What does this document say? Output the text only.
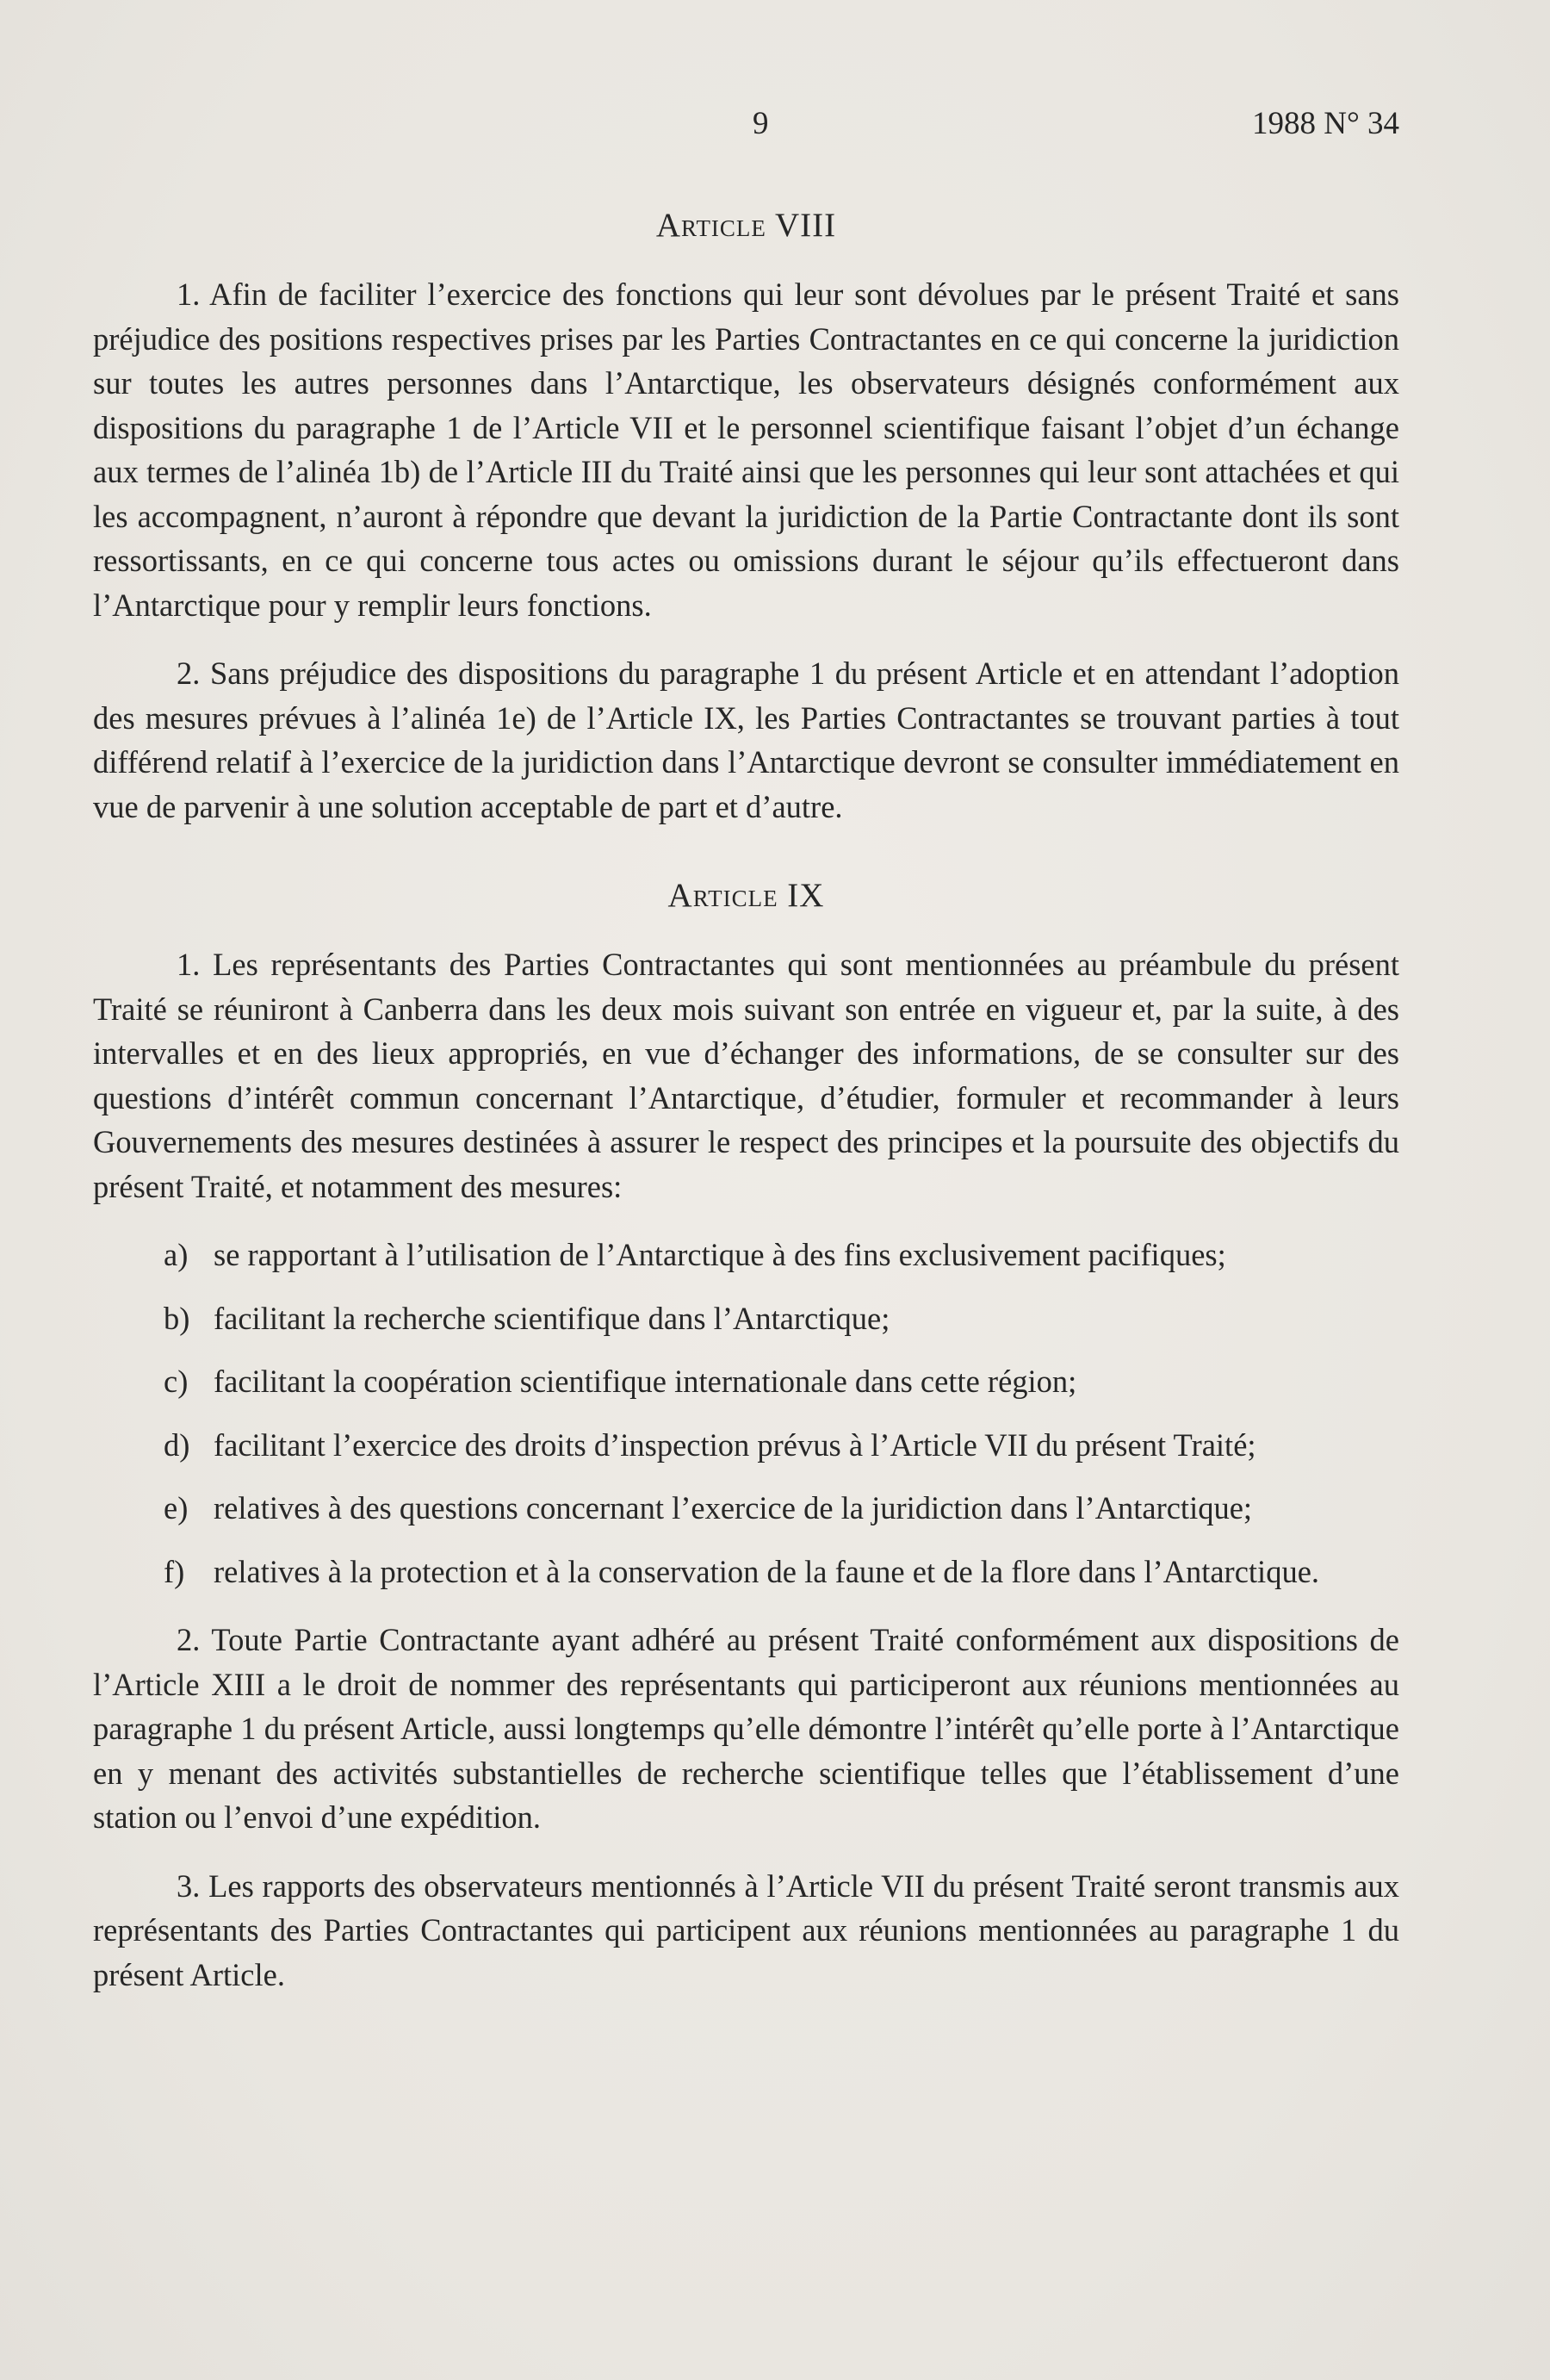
9	1988 N° 34
Article VIII

1. Afin de faciliter l’exercice des fonctions qui leur sont dévolues par le présent Traité et sans préjudice des positions respectives prises par les Parties Contractantes en ce qui concerne la juridiction sur toutes les autres personnes dans l’Antarctique, les observateurs désignés conformément aux dispositions du paragraphe 1 de l’Article VII et le personnel scientifique faisant l’objet d’un échange aux termes de l’alinéa 1b) de l’Article III du Traité ainsi que les personnes qui leur sont attachées et qui les accompagnent, n’auront à répondre que devant la juridiction de la Partie Contractante dont ils sont ressortissants, en ce qui concerne tous actes ou omissions durant le séjour qu’ils effectueront dans l’Antarctique pour y remplir leurs fonctions.

2. Sans préjudice des dispositions du paragraphe 1 du présent Article et en attendant l’adoption des mesures prévues à l’alinéa 1e) de l’Article IX, les Parties Contractantes se trouvant parties à tout différend relatif à l’exercice de la juridiction dans l’Antarctique devront se consulter immédiatement en vue de parvenir à une solution acceptable de part et d’autre.

Article IX

1. Les représentants des Parties Contractantes qui sont mentionnées au préambule du présent Traité se réuniront à Canberra dans les deux mois suivant son entrée en vigueur et, par la suite, à des intervalles et en des lieux appropriés, en vue d’échanger des informations, de se consulter sur des questions d’intérêt commun concernant l’Antarctique, d’étudier, formuler et recommander à leurs Gouvernements des mesures destinées à assurer le respect des principes et la poursuite des objectifs du présent Traité, et notamment des mesures:

a) se rapportant à l’utilisation de l’Antarctique à des fins exclusivement pacifiques;
b) facilitant la recherche scientifique dans l’Antarctique;
c) facilitant la coopération scientifique internationale dans cette région;
d) facilitant l’exercice des droits d’inspection prévus à l’Article VII du présent Traité;
e) relatives à des questions concernant l’exercice de la juridiction dans l’Antarctique;
f) relatives à la protection et à la conservation de la faune et de la flore dans l’Antarctique.

2. Toute Partie Contractante ayant adhéré au présent Traité conformément aux dispositions de l’Article XIII a le droit de nommer des représentants qui participeront aux réunions mentionnées au paragraphe 1 du présent Article, aussi longtemps qu’elle démontre l’intérêt qu’elle porte à l’Antarctique en y menant des activités substantielles de recherche scientifique telles que l’établissement d’une station ou l’envoi d’une expédition.

3. Les rapports des observateurs mentionnés à l’Article VII du présent Traité seront transmis aux représentants des Parties Contractantes qui participent aux réunions mentionnées au paragraphe 1 du présent Article.
